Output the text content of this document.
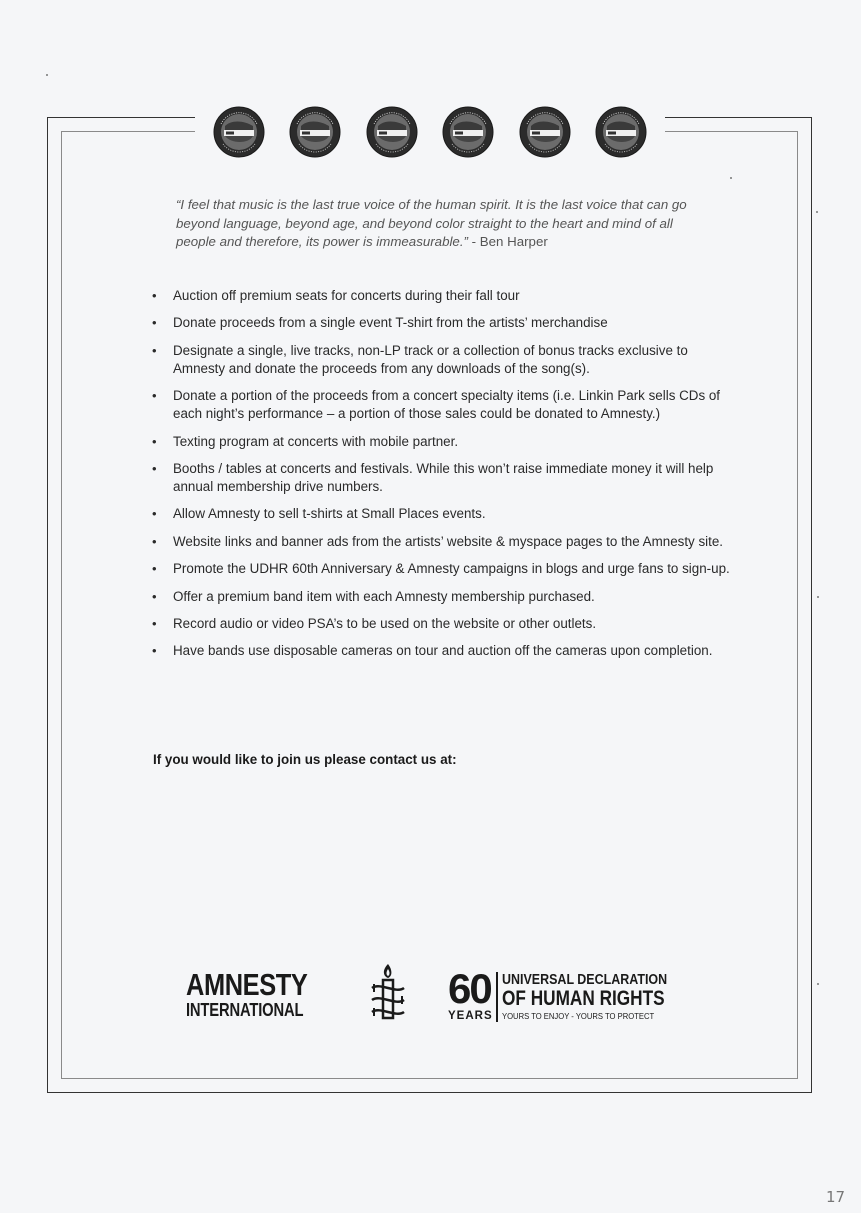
“I feel that music is the last true voice of the human spirit. It is the last voice that can go beyond language, beyond age, and beyond color straight to the heart and mind of all people and therefore, its power is immeasurable.” - Ben Harper
• Auction off premium seats for concerts during their fall tour
• Donate proceeds from a single event T-shirt from the artists’ merchandise
• Designate a single, live tracks, non-LP track or a collection of bonus tracks exclusive to Amnesty and donate the proceeds from any downloads of the song(s).
• Donate a portion of the proceeds from a concert specialty items (i.e. Linkin Park sells CDs of each night’s performance – a portion of those sales could be donated to Amnesty.)
• Texting program at concerts with mobile partner.
• Booths / tables at concerts and festivals. While this won’t raise immediate money it will help annual membership drive numbers.
• Allow Amnesty to sell t-shirts at Small Places events.
• Website links and banner ads from the artists’ website & myspace pages to the Amnesty site.
• Promote the UDHR 60th Anniversary & Amnesty campaigns in blogs and urge fans to sign-up.
• Offer a premium band item with each Amnesty membership purchased.
• Record audio or video PSA’s to be used on the website or other outlets.
• Have bands use disposable cameras on tour and auction off the cameras upon completion.
If you would like to join us please contact us at:
AMNESTY
INTERNATIONAL	60
YEARS
UNIVERSAL DECLARATION
OF HUMAN RIGHTS
YOURS TO ENJOY - YOURS TO PROTECT
17
